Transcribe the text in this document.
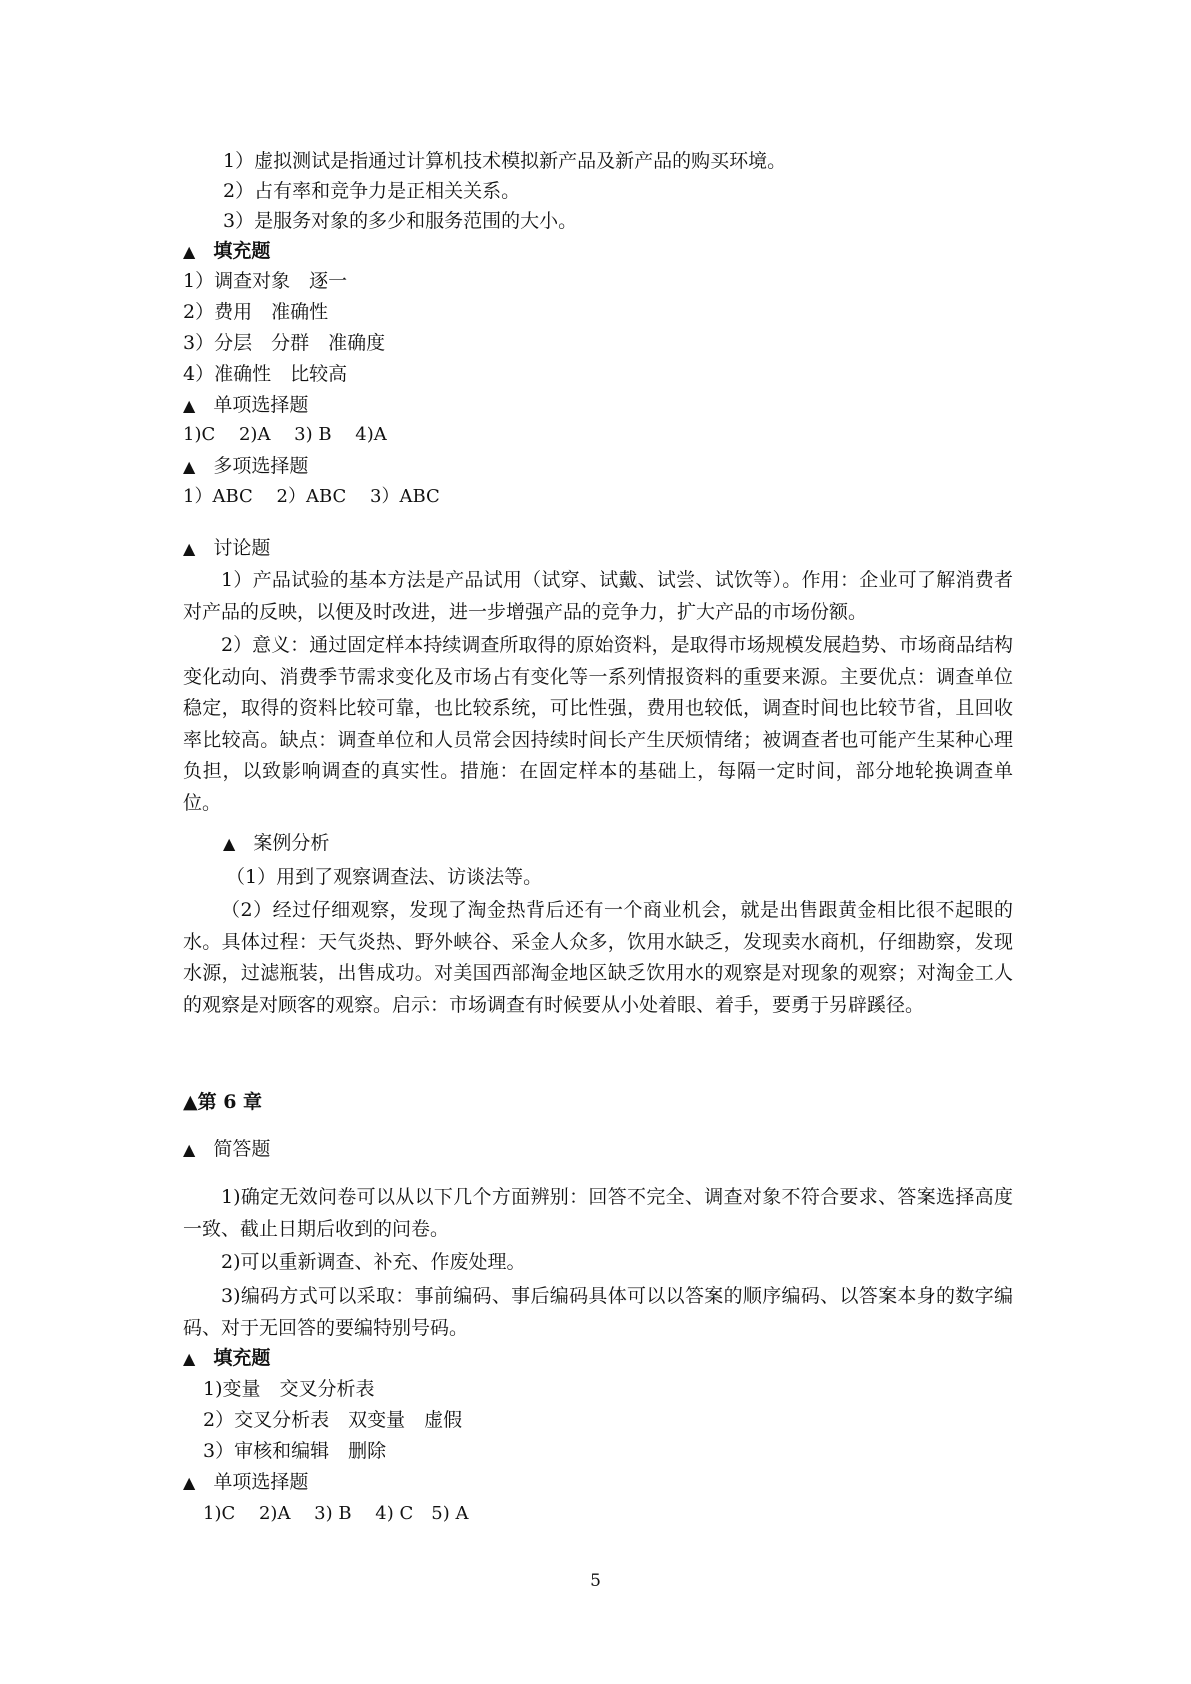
1）虚拟测试是指通过计算机技术模拟新产品及新产品的购买环境。
2）占有率和竞争力是正相关关系。
3）是服务对象的多少和服务范围的大小。
▲ 填充题
1）调查对象　逐一
2）费用　准确性
3）分层　分群　准确度
4）准确性　比较高
▲ 单项选择题
1)C　 2)A　 3) B　 4)A
▲ 多项选择题
1）ABC　 2）ABC　 3）ABC
▲ 讨论题
1）产品试验的基本方法是产品试用（试穿、试戴、试尝、试饮等）。作用：企业可了解消费者对产品的反映，以便及时改进，进一步增强产品的竞争力，扩大产品的市场份额。
2）意义：通过固定样本持续调查所取得的原始资料，是取得市场规模发展趋势、市场商品结构变化动向、消费季节需求变化及市场占有变化等一系列情报资料的重要来源。主要优点：调查单位稳定，取得的资料比较可靠，也比较系统，可比性强，费用也较低，调查时间也比较节省，且回收率比较高。缺点：调查单位和人员常会因持续时间长产生厌烦情绪；被调查者也可能产生某种心理负担，以致影响调查的真实性。措施：在固定样本的基础上，每隔一定时间，部分地轮换调查单位。
▲ 案例分析
（1）用到了观察调查法、访谈法等。
（2）经过仔细观察，发现了淘金热背后还有一个商业机会，就是出售跟黄金相比很不起眼的水。具体过程：天气炎热、野外峡谷、采金人众多，饮用水缺乏，发现卖水商机，仔细勘察，发现水源，过滤瓶装，出售成功。对美国西部淘金地区缺乏饮用水的观察是对现象的观察；对淘金工人的观察是对顾客的观察。启示：市场调查有时候要从小处着眼、着手，要勇于另辟蹊径。
▲第 6 章
▲ 简答题
1)确定无效问卷可以从以下几个方面辨别：回答不完全、调查对象不符合要求、答案选择高度一致、截止日期后收到的问卷。
2)可以重新调查、补充、作废处理。
3)编码方式可以采取：事前编码、事后编码具体可以以答案的顺序编码、以答案本身的数字编码、对于无回答的要编特别号码。
▲ 填充题
1)变量　交叉分析表
2）交叉分析表　双变量　虚假
3）审核和编辑　删除
▲ 单项选择题
1)C　 2)A　 3) B　 4) C　5) A
5
